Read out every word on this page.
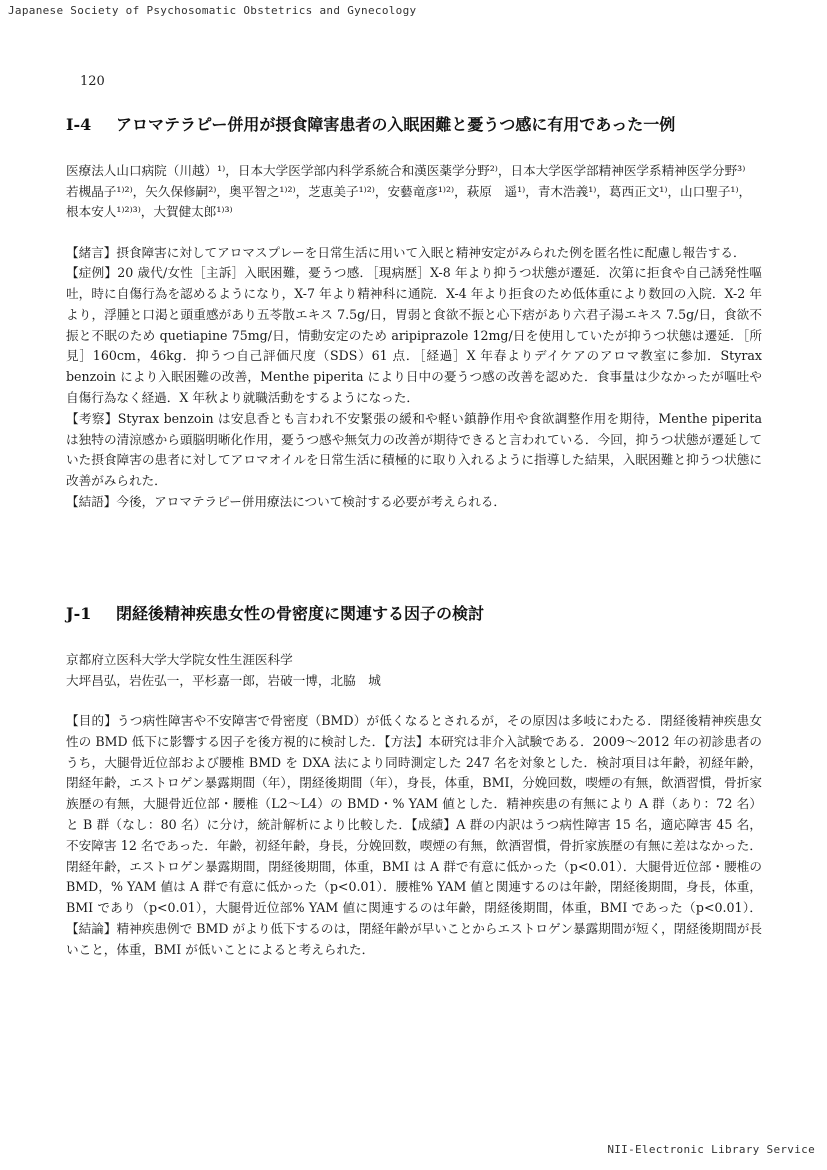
Japanese Society of Psychosomatic Obstetrics and Gynecology
120
I-4	アロマテラピー併用が摂食障害患者の入眠困難と憂うつ感に有用であった一例

医療法人山口病院（川越）¹⁾，日本大学医学部内科学系統合和漢医薬学分野²⁾，日本大学医学部精神医学系精神医学分野³⁾

若槻晶子¹⁾²⁾，矢久保修嗣²⁾，奥平智之¹⁾²⁾，芝恵美子¹⁾²⁾，安藝竜彦¹⁾²⁾，萩原　遥¹⁾，青木浩義¹⁾，葛西正文¹⁾，山口聖子¹⁾，根本安人¹⁾²⁾³⁾，大賀健太郎¹⁾³⁾

【緒言】摂食障害に対してアロマスプレーを日常生活に用いて入眠と精神安定がみられた例を匿名性に配慮し報告する．

【症例】20 歳代/女性［主訴］入眠困難，憂うつ感．［現病歴］X-8 年より抑うつ状態が遷延．次第に拒食や自己誘発性嘔吐，時に自傷行為を認めるようになり，X-7 年より精神科に通院．X-4 年より拒食のため低体重により数回の入院．X-2 年より，浮腫と口渇と頭重感があり五苓散エキス 7.5g/日，胃弱と食欲不振と心下痞があり六君子湯エキス 7.5g/日，食欲不振と不眠のため quetiapine 75mg/日，情動安定のため aripiprazole 12mg/日を使用していたが抑うつ状態は遷延．［所見］160cm，46kg．抑うつ自己評価尺度（SDS）61 点．［経過］X 年春よりデイケアのアロマ教室に参加．Styrax benzoin により入眠困難の改善，Menthe piperita により日中の憂うつ感の改善を認めた．食事量は少なかったが嘔吐や自傷行為なく経過．X 年秋より就職活動をするようになった．

【考察】Styrax benzoin は安息香とも言われ不安緊張の緩和や軽い鎮静作用や食欲調整作用を期待，Menthe piperita は独特の清涼感から頭脳明晰化作用，憂うつ感や無気力の改善が期待できると言われている．今回，抑うつ状態が遷延していた摂食障害の患者に対してアロマオイルを日常生活に積極的に取り入れるように指導した結果，入眠困難と抑うつ状態に改善がみられた．

【結語】今後，アロマテラピー併用療法について検討する必要が考えられる．

J-1	閉経後精神疾患女性の骨密度に関連する因子の検討

京都府立医科大学大学院女性生涯医科学

大坪昌弘，岩佐弘一，平杉嘉一郎，岩破一博，北脇　城

【目的】うつ病性障害や不安障害で骨密度（BMD）が低くなるとされるが，その原因は多岐にわたる．閉経後精神疾患女性の BMD 低下に影響する因子を後方視的に検討した．【方法】本研究は非介入試験である．2009〜2012 年の初診患者のうち，大腿骨近位部および腰椎 BMD を DXA 法により同時測定した 247 名を対象とした．検討項目は年齢，初経年齢，閉経年齢，エストロゲン暴露期間（年），閉経後期間（年），身長，体重，BMI，分娩回数，喫煙の有無，飲酒習慣，骨折家族歴の有無，大腿骨近位部・腰椎（L2〜L4）の BMD・% YAM 値とした．精神疾患の有無により A 群（あり：72 名）と B 群（なし：80 名）に分け，統計解析により比較した．【成績】A 群の内訳はうつ病性障害 15 名，適応障害 45 名，不安障害 12 名であった．年齢，初経年齢，身長，分娩回数，喫煙の有無，飲酒習慣，骨折家族歴の有無に差はなかった．閉経年齢，エストロゲン暴露期間，閉経後期間，体重，BMI は A 群で有意に低かった（p<0.01）．大腿骨近位部・腰椎の BMD，% YAM 値は A 群で有意に低かった（p<0.01）．腰椎% YAM 値と関連するのは年齢，閉経後期間，身長，体重，BMI であり（p<0.01），大腿骨近位部% YAM 値に関連するのは年齢，閉経後期間，体重，BMI であった（p<0.01）．【結論】精神疾患例で BMD がより低下するのは，閉経年齢が早いことからエストロゲン暴露期間が短く，閉経後期間が長いこと，体重，BMI が低いことによると考えられた．

NII-Electronic Library Service
